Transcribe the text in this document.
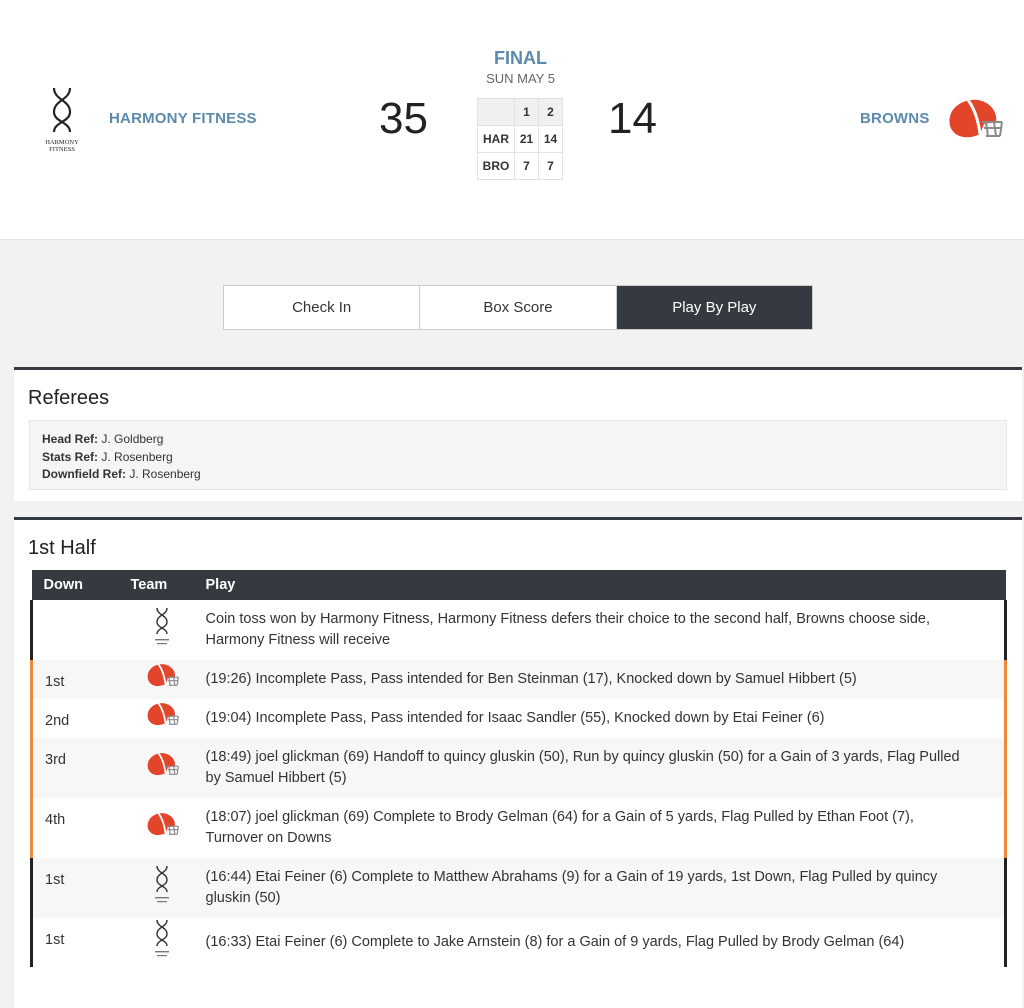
HARMONY
FITNESS
HARMONY FITNESS	35
FINAL
SUN MAY 5
	1	2
HAR	21	14
BRO	7	7
14	BROWNS
Check In	Box Score	Play By Play
Referees
Head Ref: J. Goldberg
Stats Ref: J. Rosenberg
Downfield Ref: J. Rosenberg
1st Half
Down	Team	Play
		Coin toss won by Harmony Fitness, Harmony Fitness defers their choice to the second half, Browns choose side, Harmony Fitness will receive
1st		(19:26) Incomplete Pass, Pass intended for Ben Steinman (17), Knocked down by Samuel Hibbert (5)
2nd		(19:04) Incomplete Pass, Pass intended for Isaac Sandler (55), Knocked down by Etai Feiner (6)
3rd		(18:49) joel glickman (69) Handoff to quincy gluskin (50), Run by quincy gluskin (50) for a Gain of 3 yards, Flag Pulled by Samuel Hibbert (5)
4th		(18:07) joel glickman (69) Complete to Brody Gelman (64) for a Gain of 5 yards, Flag Pulled by Ethan Foot (7), Turnover on Downs
1st		(16:44) Etai Feiner (6) Complete to Matthew Abrahams (9) for a Gain of 19 yards, 1st Down, Flag Pulled by quincy gluskin (50)
1st		(16:33) Etai Feiner (6) Complete to Jake Arnstein (8) for a Gain of 9 yards, Flag Pulled by Brody Gelman (64)
